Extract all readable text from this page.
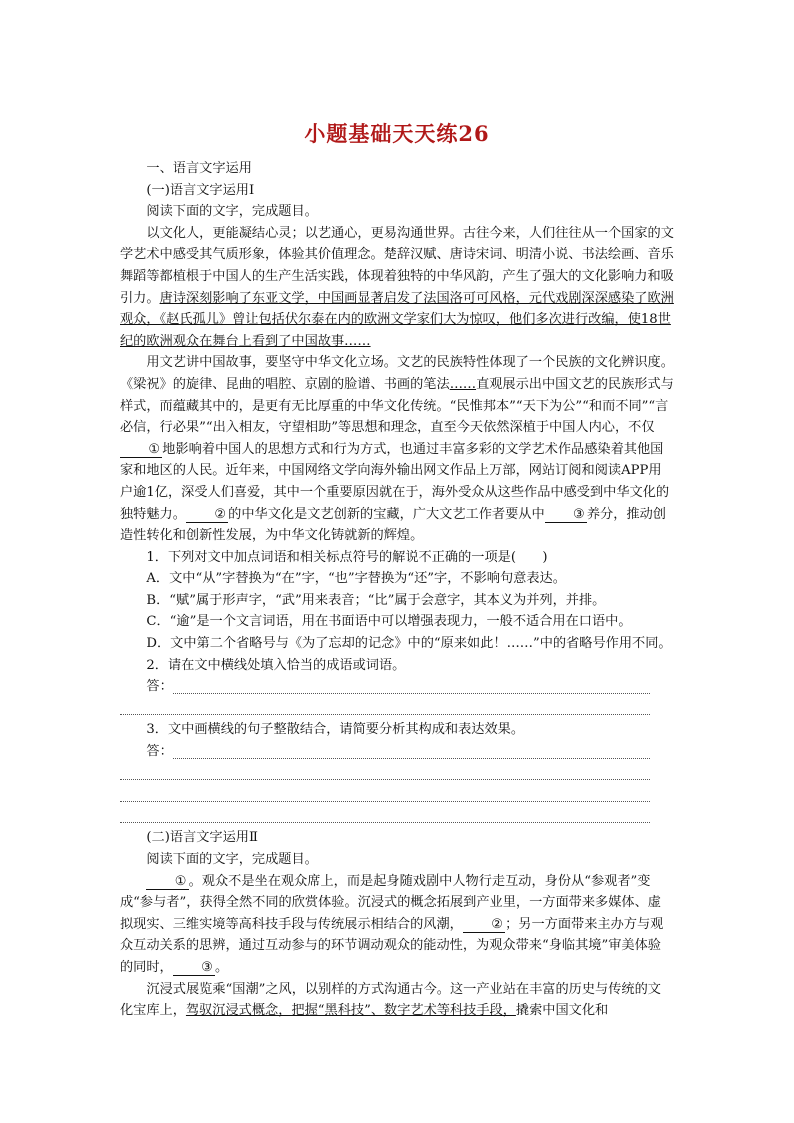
小题基础天天练26

一、语言文字运用

(一)语言文字运用Ⅰ

阅读下面的文字，完成题目。

以文化人，更能凝结心灵；以艺通心，更易沟通世界。古往今来，人们往往从一个国家的文学艺术中感受其气质形象，体验其价值理念。楚辞汉赋、唐诗宋词、明清小说、书法绘画、音乐舞蹈等都植根于中国人的生产生活实践，体现着独特的中华风韵，产生了强大的文化影响力和吸引力。唐诗深刻影响了东亚文学，中国画显著启发了法国洛可可风格，元代戏剧深深感染了欧洲观众，《赵氏孤儿》曾让包括伏尔泰在内的欧洲文学家们大为惊叹，他们多次进行改编，使18世纪的欧洲观众在舞台上看到了中国故事……

用文艺讲中国故事，要坚守中华文化立场。文艺的民族特性体现了一个民族的文化辨识度。《梁祝》的旋律、昆曲的唱腔、京剧的脸谱、书画的笔法……直观展示出中国文艺的民族形式与样式，而蕴藏其中的，是更有无比厚重的中华文化传统。“民惟邦本”“天下为公”“和而不同”“言必信，行必果”“出入相友，守望相助”等思想和理念，直至今天依然深植于中国人内心，不仅① 地影响着中国人的思想方式和行为方式，也通过丰富多彩的文学艺术作品感染着其他国家和地区的人民。近年来，中国网络文学向海外输出网文作品上万部，网站订阅和阅读APP用户逾1亿，深受人们喜爱，其中一个重要原因就在于，海外受众从这些作品中感受到中华文化的独特魅力。 ② 的中华文化是文艺创新的宝藏，广大文艺工作者要从中 ③ 养分，推动创造性转化和创新性发展，为中华文化铸就新的辉煌。

1．下列对文中加点词语和相关标点符号的解说不正确的一项是(　　)

A．文中“从”字替换为“在”字，“也”字替换为“还”字，不影响句意表达。

B．“赋”属于形声字，“武”用来表音；“比”属于会意字，其本义为并列，并排。

C．“逾”是一个文言词语，用在书面语中可以增强表现力，一般不适合用在口语中。

D．文中第二个省略号与《为了忘却的记念》中的“原来如此！……”中的省略号作用不同。

2．请在文中横线处填入恰当的成语或词语。

答：

3．文中画横线的句子整散结合，请简要分析其构成和表达效果。

答：

(二)语言文字运用Ⅱ

阅读下面的文字，完成题目。

① 。观众不是坐在观众席上，而是起身随戏剧中人物行走互动，身份从“参观者”变成“参与者”，获得全然不同的欣赏体验。沉浸式的概念拓展到产业里，一方面带来多媒体、虚拟现实、三维实境等高科技手段与传统展示相结合的风潮， ② ；另一方面带来主办方与观众互动关系的思辨，通过互动参与的环节调动观众的能动性，为观众带来“身临其境”审美体验的同时， ③ 。

沉浸式展览乘“国潮”之风，以别样的方式沟通古今。这一产业站在丰富的历史与传统的文化宝库上，驾驭沉浸式概念，把握“黑科技”、数字艺术等科技手段，撬索中国文化和
